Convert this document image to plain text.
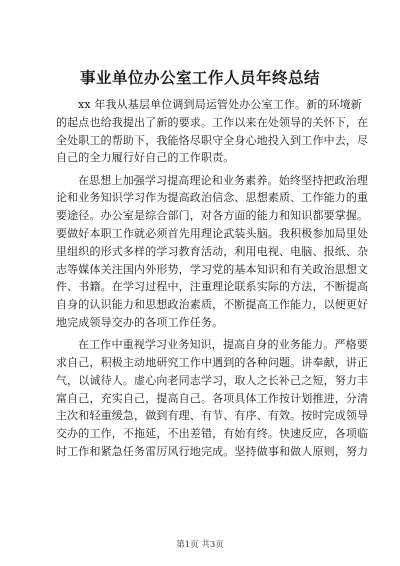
事业单位办公室工作人员年终总结
xx 年我从基层单位调到局运管处办公室工作。新的环境新
的起点也给我提出了新的要求。工作以来在处领导的关怀下，在
全处职工的帮助下，我能恪尽职守全身心地投入到工作中去，尽
自己的全力履行好自己的工作职责。
在思想上加强学习提高理论和业务素养。始终坚持把政治理
论和业务知识学习作为提高政治信念、思想素质、工作能力的重
要途径。办公室是综合部门，对各方面的能力和知识都要掌握。
要做好本职工作就必须首先用理论武装头脑。我积极参加局里处
里组织的形式多样的学习教育活动，利用电视、电脑、报纸、杂
志等媒体关注国内外形势，学习党的基本知识和有关政治思想文
件、书籍。在学习过程中，注重理论联系实际的方法，不断提高
自身的认识能力和思想政治素质，不断提高工作能力，以便更好
地完成领导交办的各项工作任务。
在工作中重视学习业务知识，提高自身的业务能力。严格要
求自己，积极主动地研究工作中遇到的各种问题。讲奉献，讲正
气，以诚待人。虚心向老同志学习，取人之长补己之短，努力丰
富自己，充实自己，提高自己。各项具体工作按计划推进，分清
主次和轻重缓急，做到有理、有节、有序、有效。按时完成领导
交办的工作，不拖延，不出差错，有始有终。快速反应，各项临
时工作和紧急任务雷厉风行地完成。坚持做事和做人原则，努力
第1页 共3页
